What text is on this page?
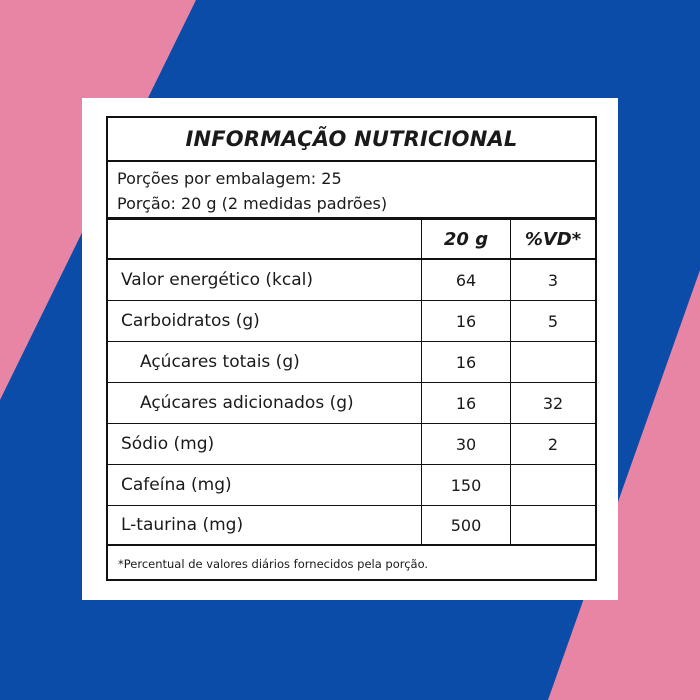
INFORMAÇÃO NUTRICIONAL
Porções por embalagem: 25
Porção: 20 g (2 medidas padrões)
20 g	%VD*
Valor energético (kcal)	64	3
Carboidratos (g)	16	5
Açúcares totais (g)	16
Açúcares adicionados (g)	16	32
Sódio (mg)	30	2
Cafeína (mg)	150
L-taurina (mg)	500
*Percentual de valores diários fornecidos pela porção.
